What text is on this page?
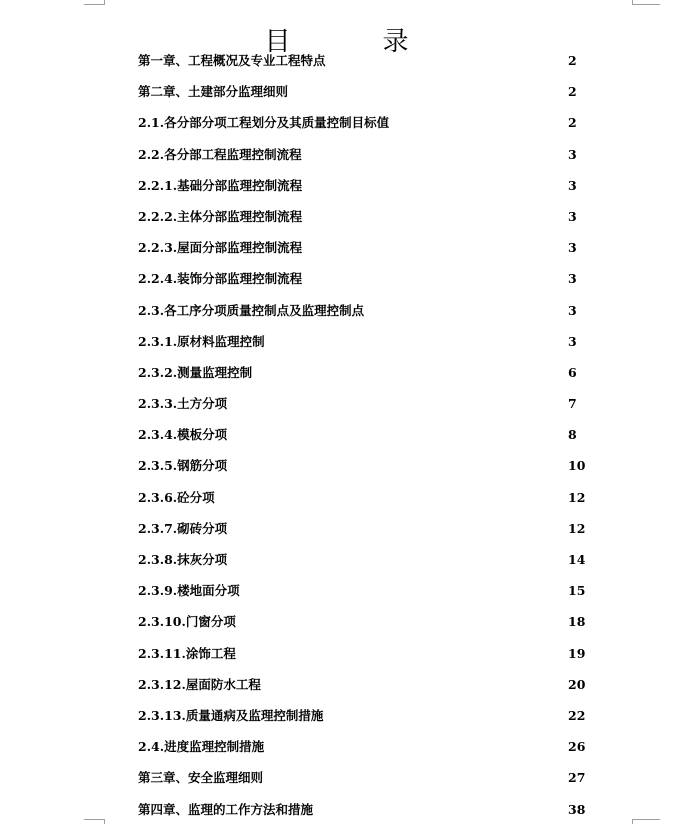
目	录
第一章、工程概况及专业工程特点	2
第二章、土建部分监理细则	2
2.1.各分部分项工程划分及其质量控制目标值	2
2.2.各分部工程监理控制流程	3
2.2.1.基础分部监理控制流程	3
2.2.2.主体分部监理控制流程	3
2.2.3.屋面分部监理控制流程	3
2.2.4.装饰分部监理控制流程	3
2.3.各工序分项质量控制点及监理控制点	3
2.3.1.原材料监理控制	3
2.3.2.测量监理控制	6
2.3.3.土方分项	7
2.3.4.模板分项	8
2.3.5.钢筋分项	10
2.3.6.砼分项	12
2.3.7.砌砖分项	12
2.3.8.抹灰分项	14
2.3.9.楼地面分项	15
2.3.10.门窗分项	18
2.3.11.涂饰工程	19
2.3.12.屋面防水工程	20
2.3.13.质量通病及监理控制措施	22
2.4.进度监理控制措施	26
第三章、安全监理细则	27
第四章、监理的工作方法和措施	38
